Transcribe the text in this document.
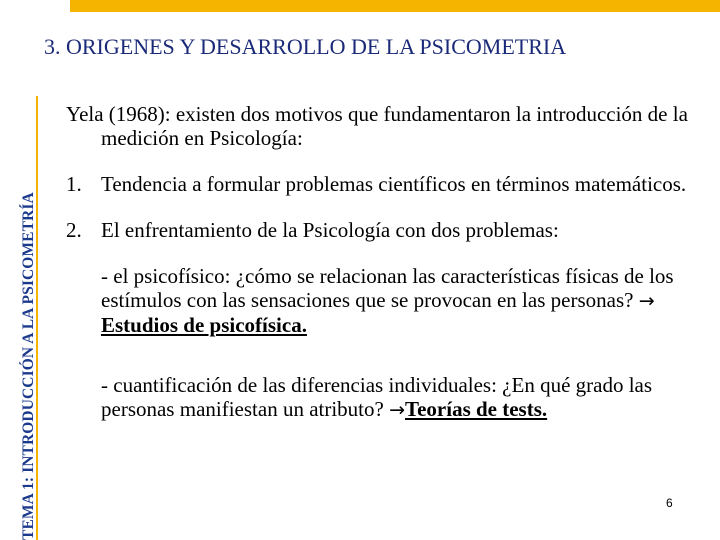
TEMA 1: INTRODUCCIÓN A LA PSICOMETRÍA
3. ORIGENES Y DESARROLLO DE LA PSICOMETRIA

Yela (1968): existen dos motivos que fundamentaron la introducción de la medición en Psicología:

1. Tendencia a formular problemas científicos en términos matemáticos.
2. El enfrentamiento de la Psicología con dos problemas:

- el psicofísico: ¿cómo se relacionan las características físicas de los estímulos con las sensaciones que se provocan en las personas? → Estudios de psicofísica.

- cuantificación de las diferencias individuales: ¿En qué grado las personas manifiestan un atributo? →Teorías de tests.

6
